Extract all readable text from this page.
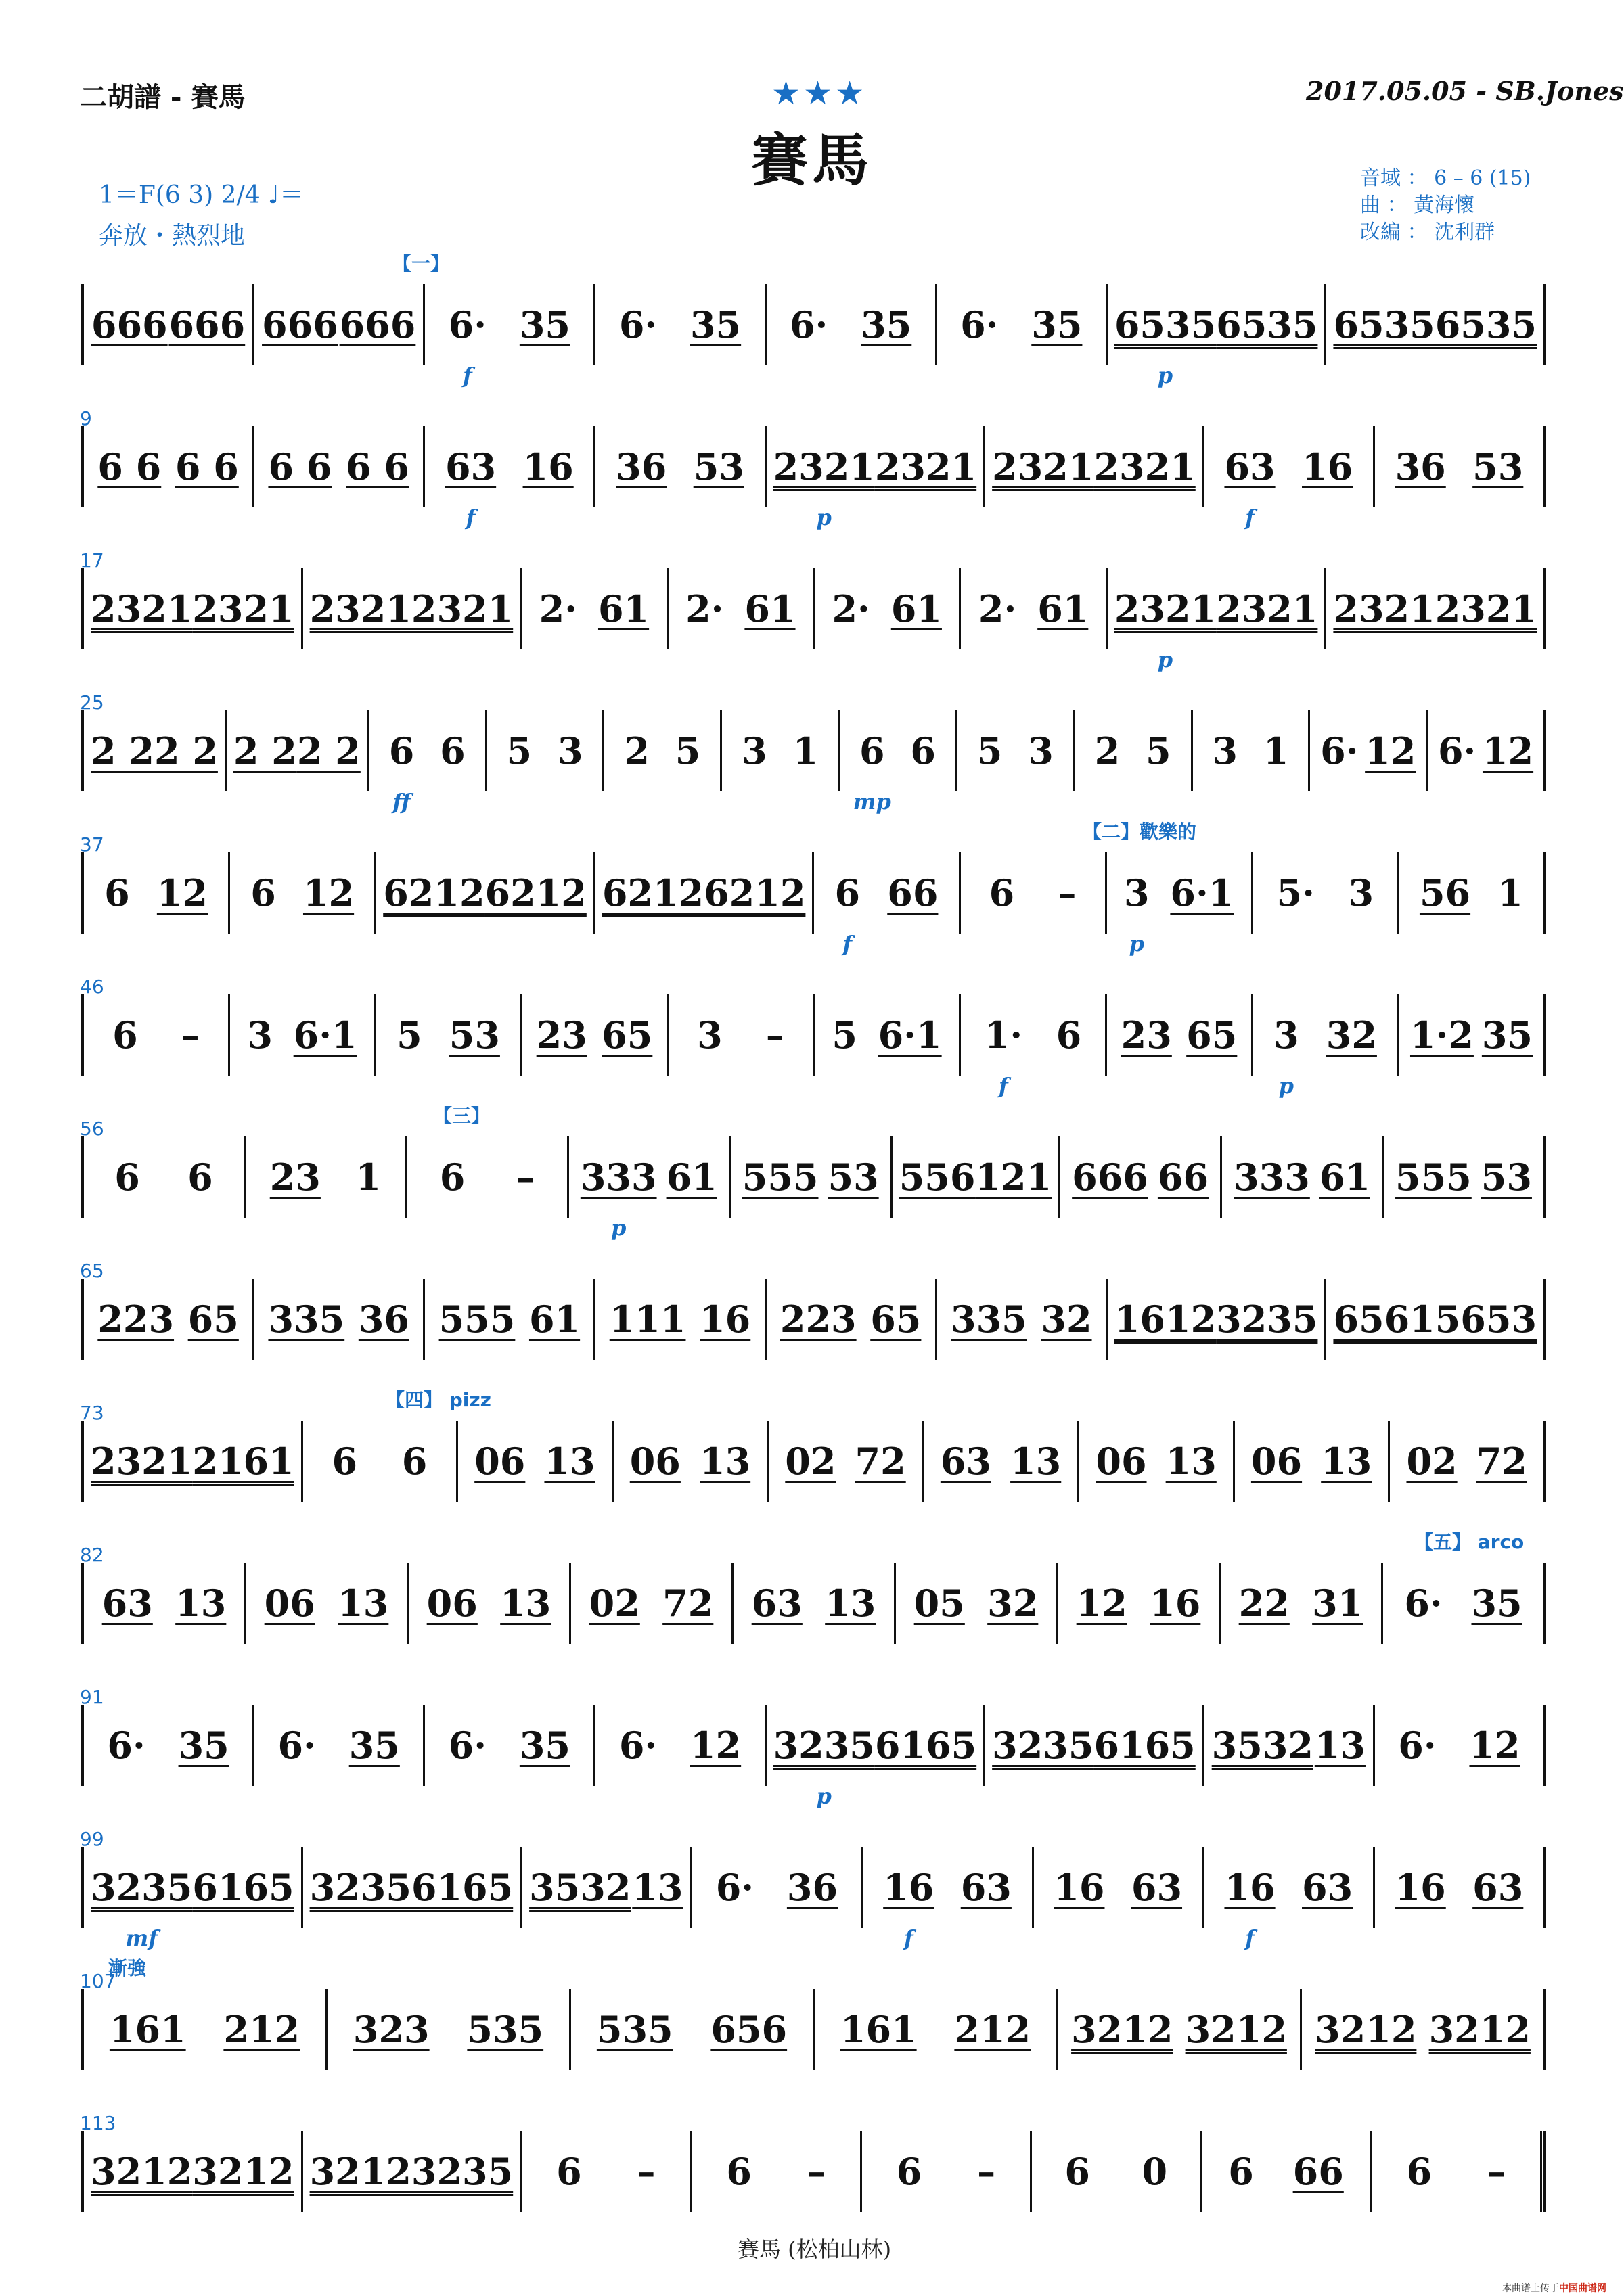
二胡譜 - 賽馬	★★★
賽馬
2017.05.05 - SB.Jones
1＝F(6 3) 2/4 ♩＝
奔放・熱烈地
音域 ： 6 – 6 (15)
曲 ： 黃海懷
改編 ： 沈利群
【一】
666 666 666 666 6·
f
35 6· 35 6· 35 6· 35 6535
p
6535 6535 6535
9
6 6 6 6 6 6 6 6 63
f
16 36 53 2321
p
2321 2321 2321 63
f
16 36 53
17
2321 2321 2321 2321 2· 61 2· 61 2· 61 2· 61 2321
p
2321 2321 2321
25
2 2 2 2 2 2 2 2 6
ff
6 5 3 2 5 3 1 6
mp
6 5 3 2 5 3 1 6· 12 6· 12
37
【二】歡樂的
6 12 6 12 6212 6212 6212 6212 6
f
66 6 – 3
p
6·1 5· 3 56 1
46
6 – 3 6·1 5 53 23 65 3 – 5 6·1 1·
f
6 23 65 3
p
32 1·2 35
56
【三】
6 6 23 1 6 – 333
p
61 555 53 556 121 666 66 333 61 555 53
65
223 65 335 36 555 61 111 16 223 65 335 32 1612 3235 6561 5653
73
【四】 pizz
2321 2161 6 6 06 13 06 13 02 72 63 13 06 13 06 13 02 72
82
【五】 arco
63 13 06 13 06 13 02 72 63 13 05 32 12 16 22 31 6· 35
91
6· 35 6· 35 6· 35 6· 12 3235
p
6165 3235 6165 3532 13 6· 12
99
3235
mf
6165 3235 6165 3532 13 6· 36 16
f
63 16 63 16
f
63 16 63
107
漸強
161 212 323 535 535 656 161 212 3212 3212 3212 3212
113
3212 3212 3212 3235 6 – 6 – 6 – 6 0 6 66 6 –
賽馬 (松柏山林)
本曲谱上传于中国曲谱网
